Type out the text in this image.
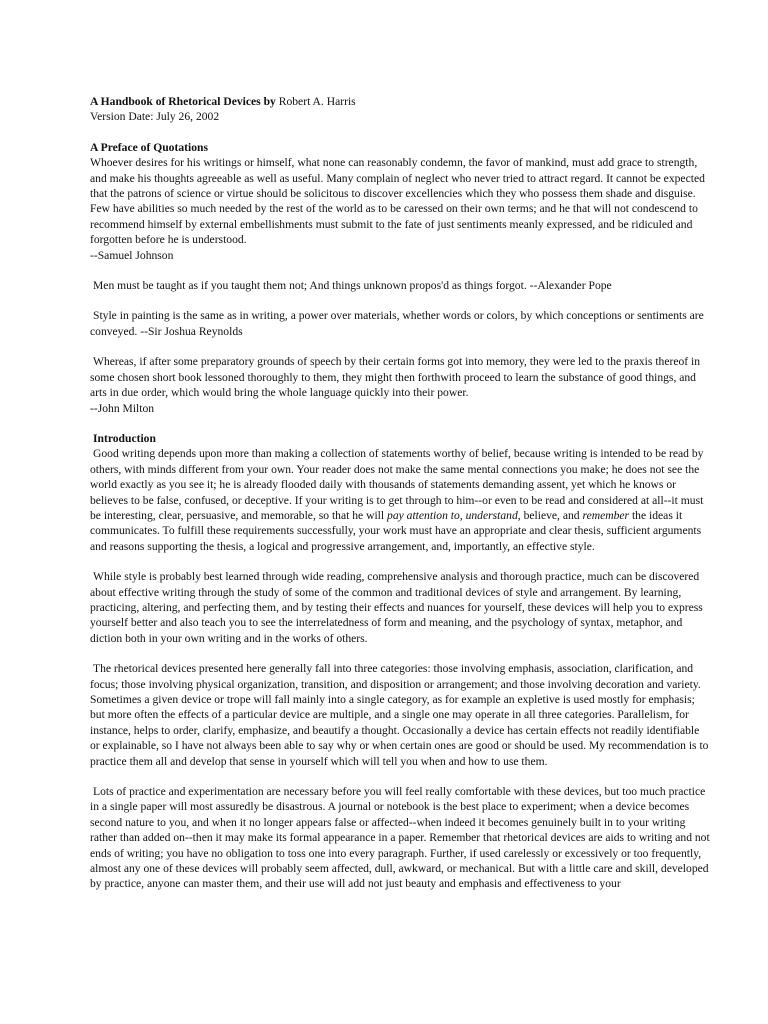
A Handbook of Rhetorical Devices by Robert A. Harris

Version Date: July 26, 2002

A Preface of Quotations

Whoever desires for his writings or himself, what none can reasonably condemn, the favor of mankind, must add grace to strength, and make his thoughts agreeable as well as useful. Many complain of neglect who never tried to attract regard. It cannot be expected that the patrons of science or virtue should be solicitous to discover excellencies which they who possess them shade and disguise. Few have abilities so much needed by the rest of the world as to be caressed on their own terms; and he that will not condescend to recommend himself by external embellishments must submit to the fate of just sentiments meanly expressed, and be ridiculed and forgotten before he is understood.

--Samuel Johnson

Men must be taught as if you taught them not; And things unknown propos'd as things forgot. --Alexander Pope

Style in painting is the same as in writing, a power over materials, whether words or colors, by which conceptions or sentiments are conveyed. --Sir Joshua Reynolds

Whereas, if after some preparatory grounds of speech by their certain forms got into memory, they were led to the praxis thereof in some chosen short book lessoned thoroughly to them, they might then forthwith proceed to learn the substance of good things, and arts in due order, which would bring the whole language quickly into their power.

--John Milton

Introduction

Good writing depends upon more than making a collection of statements worthy of belief, because writing is intended to be read by others, with minds different from your own. Your reader does not make the same mental connections you make; he does not see the world exactly as you see it; he is already flooded daily with thousands of statements demanding assent, yet which he knows or believes to be false, confused, or deceptive. If your writing is to get through to him--or even to be read and considered at all--it must be interesting, clear, persuasive, and memorable, so that he will pay attention to, understand, believe, and remember the ideas it communicates. To fulfill these requirements successfully, your work must have an appropriate and clear thesis, sufficient arguments and reasons supporting the thesis, a logical and progressive arrangement, and, importantly, an effective style.

While style is probably best learned through wide reading, comprehensive analysis and thorough practice, much can be discovered about effective writing through the study of some of the common and traditional devices of style and arrangement. By learning, practicing, altering, and perfecting them, and by testing their effects and nuances for yourself, these devices will help you to express yourself better and also teach you to see the interrelatedness of form and meaning, and the psychology of syntax, metaphor, and diction both in your own writing and in the works of others.

The rhetorical devices presented here generally fall into three categories: those involving emphasis, association, clarification, and focus; those involving physical organization, transition, and disposition or arrangement; and those involving decoration and variety. Sometimes a given device or trope will fall mainly into a single category, as for example an expletive is used mostly for emphasis; but more often the effects of a particular device are multiple, and a single one may operate in all three categories. Parallelism, for instance, helps to order, clarify, emphasize, and beautify a thought. Occasionally a device has certain effects not readily identifiable or explainable, so I have not always been able to say why or when certain ones are good or should be used. My recommendation is to practice them all and develop that sense in yourself which will tell you when and how to use them.

Lots of practice and experimentation are necessary before you will feel really comfortable with these devices, but too much practice in a single paper will most assuredly be disastrous. A journal or notebook is the best place to experiment; when a device becomes second nature to you, and when it no longer appears false or affected--when indeed it becomes genuinely built in to your writing rather than added on--then it may make its formal appearance in a paper. Remember that rhetorical devices are aids to writing and not ends of writing; you have no obligation to toss one into every paragraph. Further, if used carelessly or excessively or too frequently, almost any one of these devices will probably seem affected, dull, awkward, or mechanical. But with a little care and skill, developed by practice, anyone can master them, and their use will add not just beauty and emphasis and effectiveness to your
